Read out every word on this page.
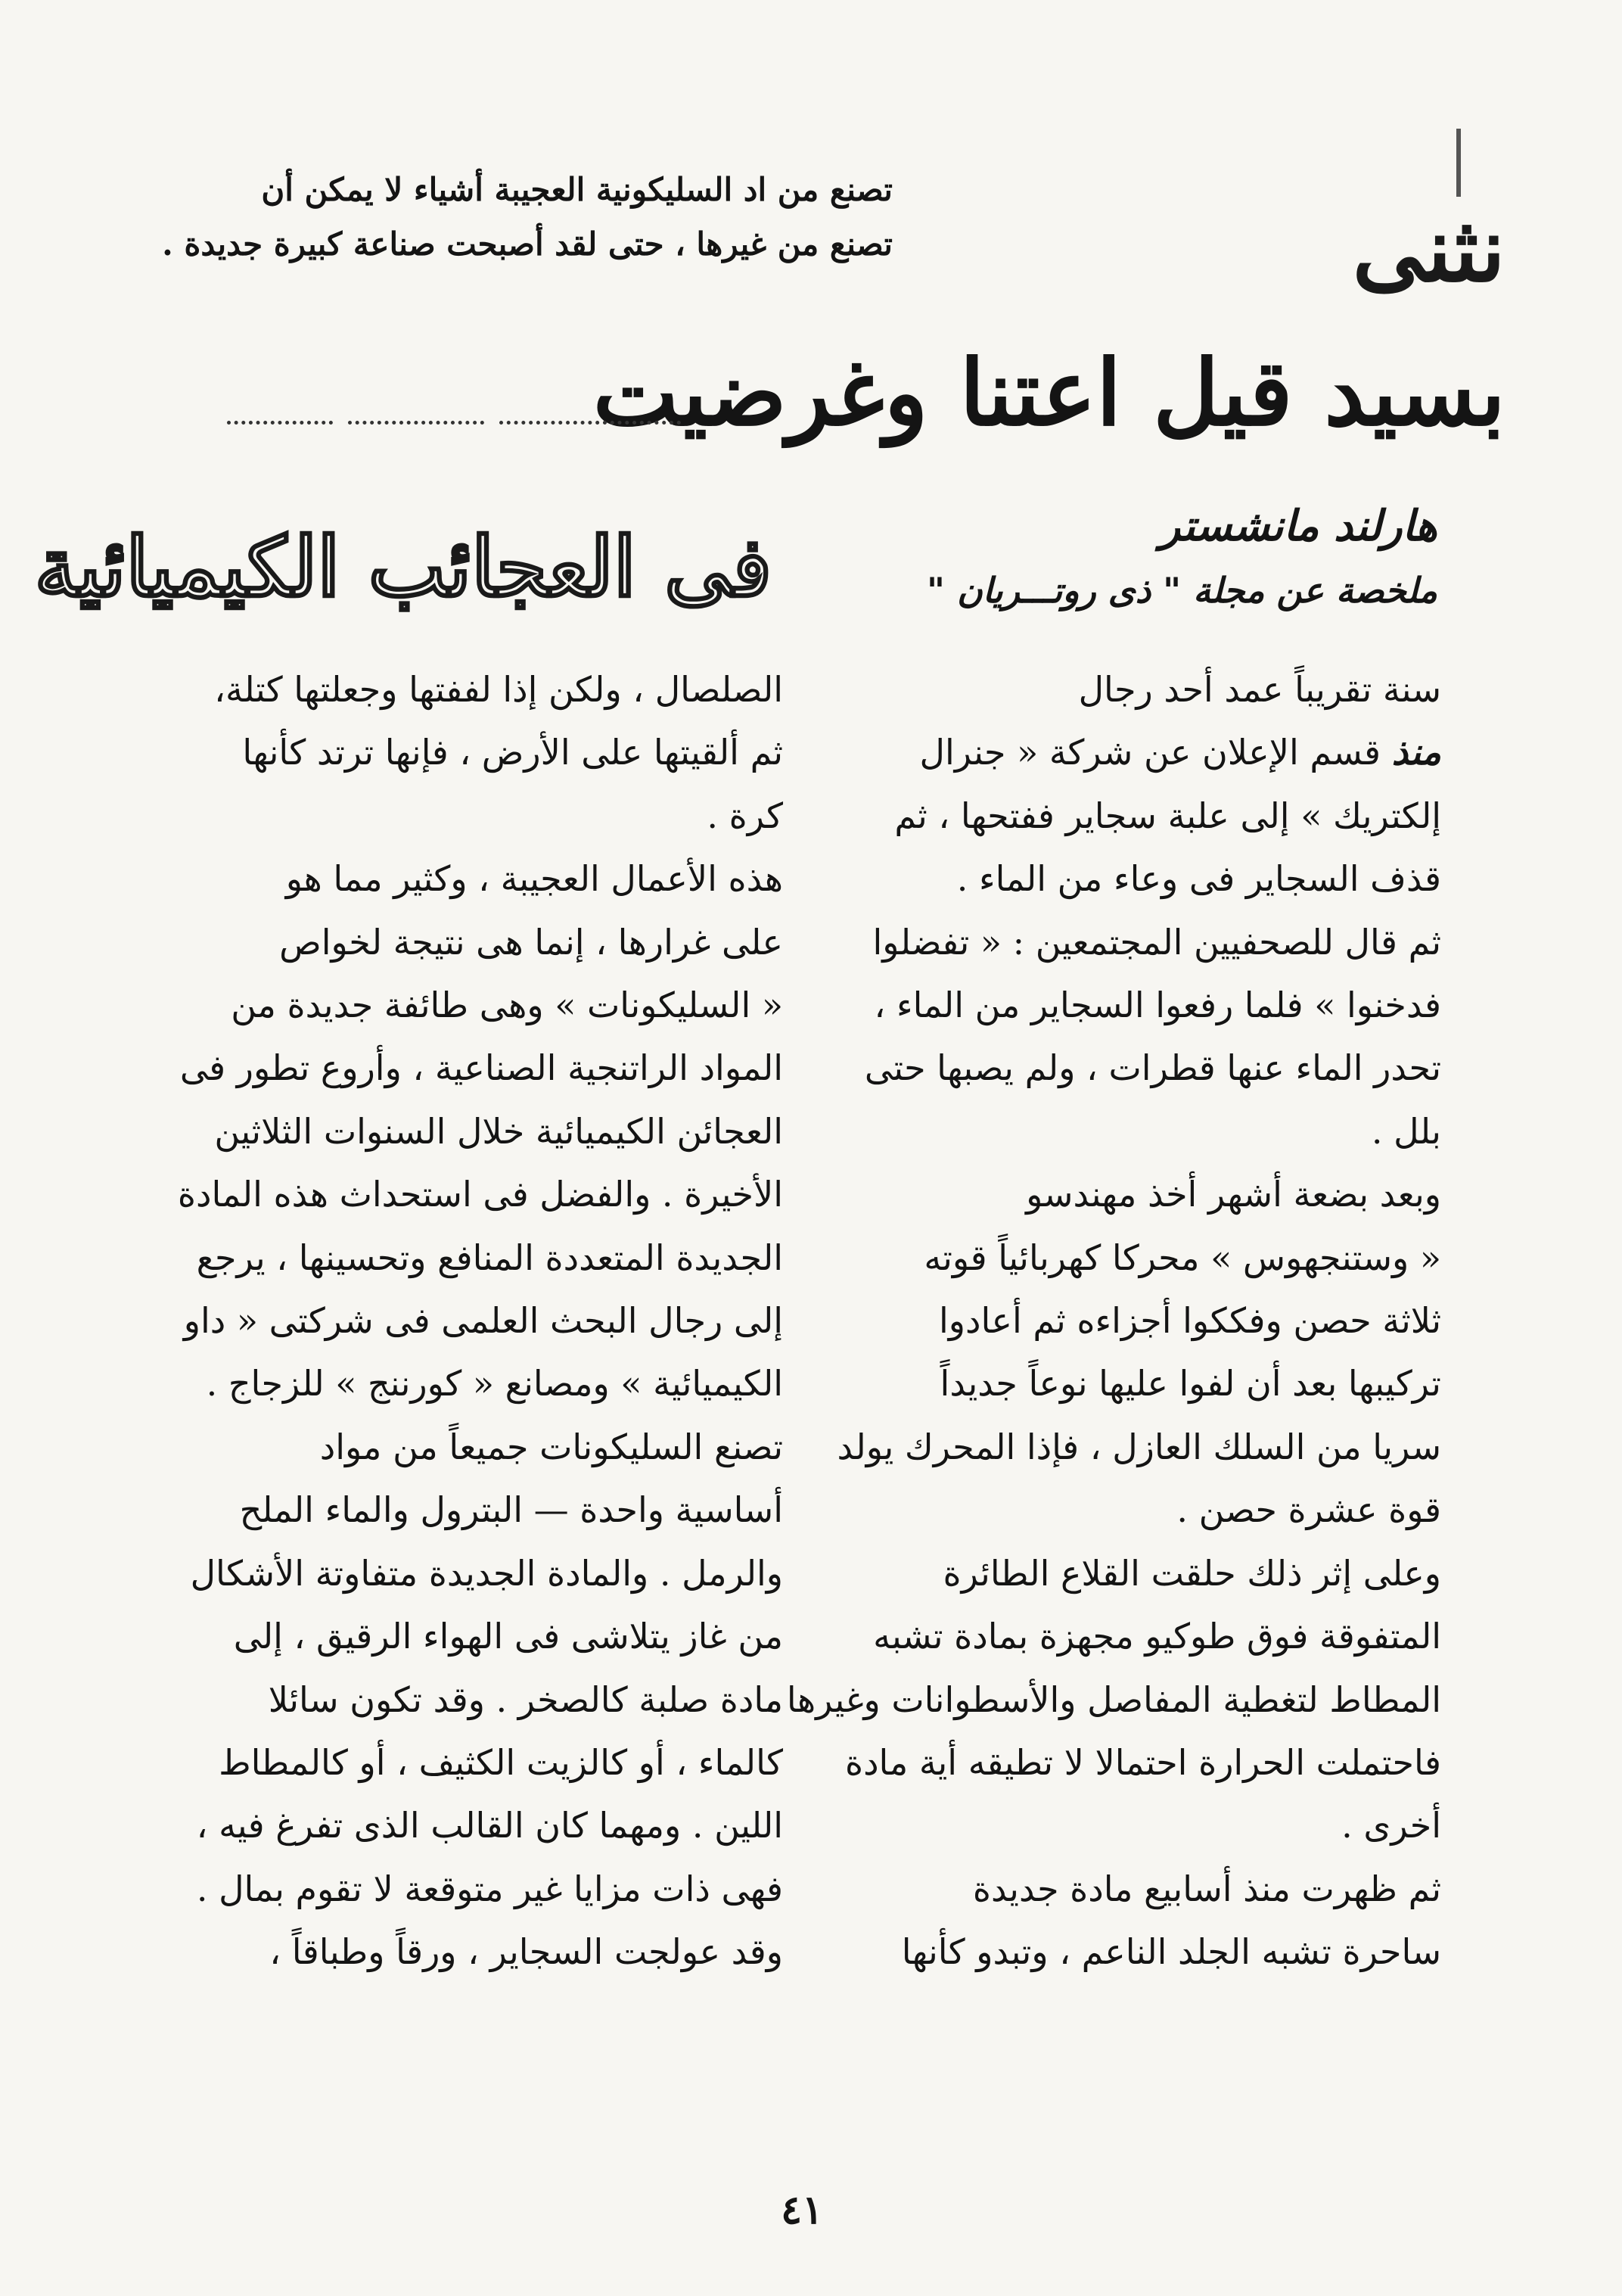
نثنى
تصنع من اد السليكونية العجيبة أشياء لا يمكن أن
تصنع من غيرها ، حتى لقد أصبحت صناعة كبيرة جديدة .
بسيد قيل اعتنا وغرضيت
هارلند مانشستر
ملخصة عن مجلة " ذى روتـــريان "
فى العجائب الكيميائية
سنة تقريباً عمد أحد رجال
منذ قسم الإعلان عن شركة « جنرال
إلكتريك » إلى علبة سجاير ففتحها ، ثم
قذف السجاير فى وعاء من الماء .
ثم قال للصحفيين المجتمعين : « تفضلوا
فدخنوا » فلما رفعوا السجاير من الماء ،
تحدر الماء عنها قطرات ، ولم يصبها حتى
بلل .
وبعد بضعة أشهر أخذ مهندسو
« وستنجهوس » محركا كهربائياً قوته
ثلاثة حصن وفككوا أجزاءه ثم أعادوا
تركيبها بعد أن لفوا عليها نوعاً جديداً
سريا من السلك العازل ، فإذا المحرك يولد
قوة عشرة حصن .
وعلى إثر ذلك حلقت القلاع الطائرة
المتفوقة فوق طوكيو مجهزة بمادة تشبه
المطاط لتغطية المفاصل والأسطوانات وغيرها ،
فاحتملت الحرارة احتمالا لا تطيقه أية مادة
أخرى .
ثم ظهرت منذ أسابيع مادة جديدة
ساحرة تشبه الجلد الناعم ، وتبدو كأنها
الصلصال ، ولكن إذا لففتها وجعلتها كتلة،
ثم ألقيتها على الأرض ، فإنها ترتد كأنها
كرة .
هذه الأعمال العجيبة ، وكثير مما هو
على غرارها ، إنما هى نتيجة لخواص
« السليكونات » وهى طائفة جديدة من
المواد الراتنجية الصناعية ، وأروع تطور فى
العجائن الكيميائية خلال السنوات الثلاثين
الأخيرة . والفضل فى استحداث هذه المادة
الجديدة المتعددة المنافع وتحسينها ، يرجع
إلى رجال البحث العلمى فى شركتى « داو
الكيميائية » ومصانع « كورننج » للزجاج .
تصنع السليكونات جميعاً من مواد
أساسية واحدة — البترول والماء الملح
والرمل . والمادة الجديدة متفاوتة الأشكال
من غاز يتلاشى فى الهواء الرقيق ، إلى
مادة صلبة كالصخر . وقد تكون سائلا
كالماء ، أو كالزيت الكثيف ، أو كالمطاط
اللين . ومهما كان القالب الذى تفرغ فيه ،
فهى ذات مزايا غير متوقعة لا تقوم بمال .
وقد عولجت السجاير ، ورقاً وطباقاً ،
٤١
